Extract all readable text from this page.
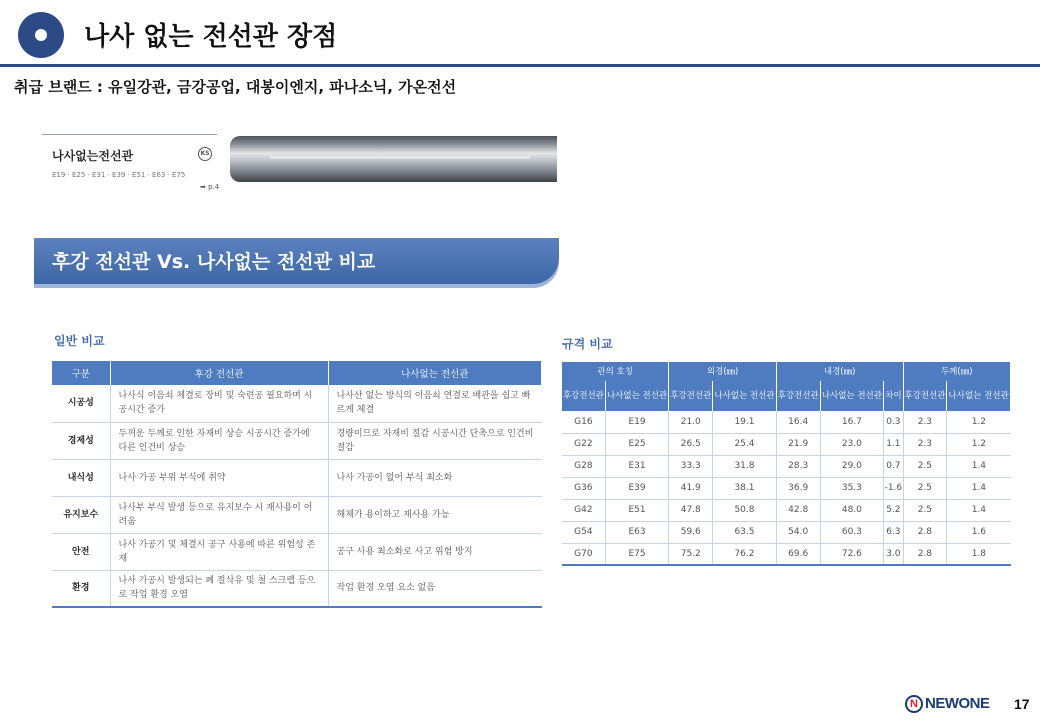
나사 없는 전선관 장점
취급 브랜드 : 유일강관, 금강공업, 대봉이엔지, 파나소닉, 가온전선
나사없는전선관	KS
E19 · E25 · E31 · E39 · E51 · E63 · E75
➡ p.4
후강 전선관 Vs. 나사없는 전선관 비교
일반 비교
구분	후강 전선관	나사없는 전선관
시공성	나사식 이음쇠 체결로 장비 및 숙련공 필요하며 시공시간 증가	나사산 없는 방식의 이음쇠 연결로 배관을 쉽고 빠르게 체결
경제성	두꺼운 두께로 인한 자재비 상승 시공시간 증가에 다른 인건비 상승	경량이므로 자재비 절감 시공시간 단축으로 인건비 절감
내식성	나사 가공 부위 부식에 취약	나사 가공이 없어 부식 최소화
유지보수	나사부 부식 발생 등으로 유지보수 시 재사용이 어려움	해체가 용이하고 재사용 가능
안전	나사 가공기 및 체결시 공구 사용에 따른 위험성 존재	공구 사용 최소화로 사고 위험 방지
환경	나사 가공시 발생되는 폐 절삭유 및 철 스크랩 등으로 작업 환경 오염	작업 환경 오염 요소 없음
규격 비교
관의 호칭		외경(㎜)		내경(㎜)			두께(㎜)	
후강전선관	나사없는 전선관	후강전선관	나사없는 전선관	후강전선관	나사없는 전선관	차이	후강전선관	나사없는 전선관
G16	E19	21.0	19.1	16.4	16.7	0.3	2.3	1.2
G22	E25	26.5	25.4	21.9	23.0	1.1	2.3	1.2
G28	E31	33.3	31.8	28.3	29.0	0.7	2.5	1.4
G36	E39	41.9	38.1	36.9	35.3	-1.6	2.5	1.4
G42	E51	47.8	50.8	42.8	48.0	5.2	2.5	1.4
G54	E63	59.6	63.5	54.0	60.3	6.3	2.8	1.6
G70	E75	75.2	76.2	69.6	72.6	3.0	2.8	1.8
N NEWONE 17
